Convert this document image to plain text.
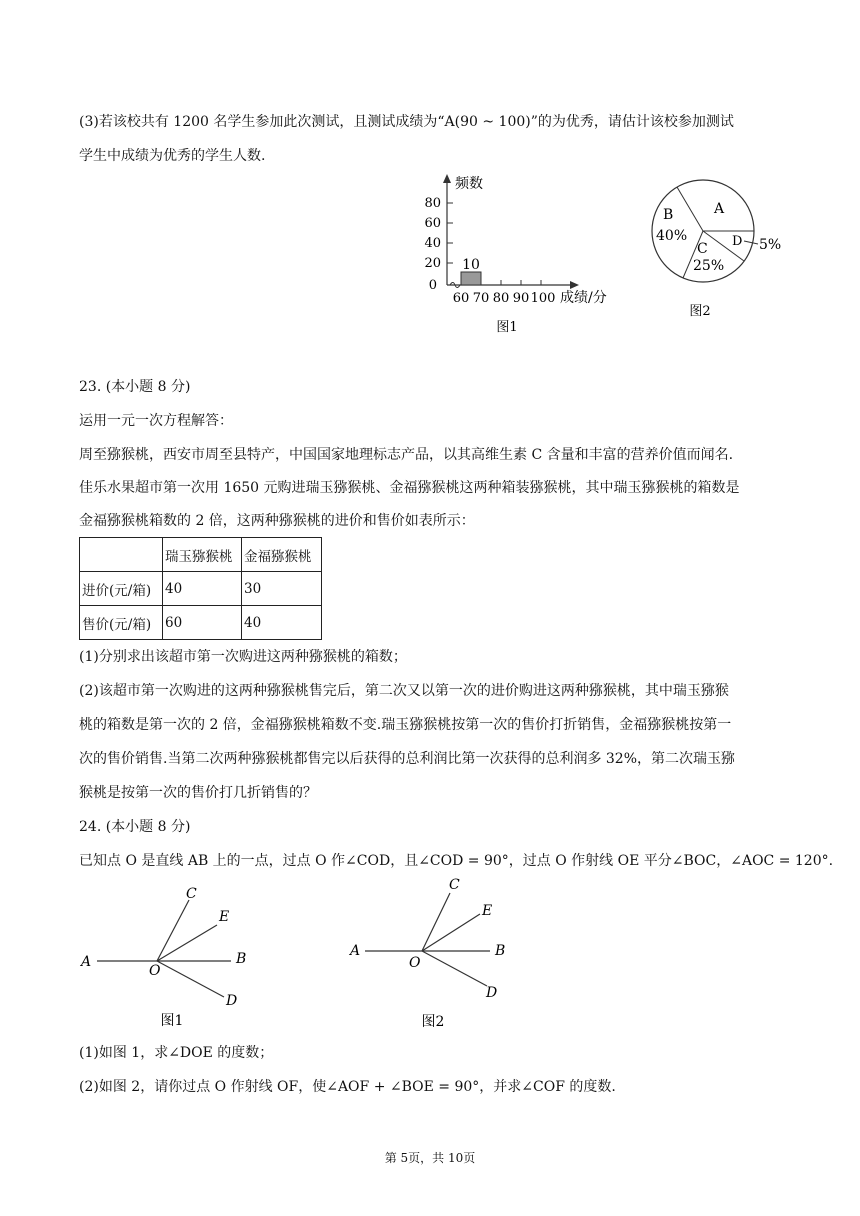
(3)若该校共有 1200 名学生参加此次测试，且测试成绩为“A(90 ~ 100)”的为优秀，请估计该校参加测试
学生中成绩为优秀的学生人数.
10
80
60
40
20
0
60 70 80 90 100
频数
成绩/分
图1
A
B
40%
C
25%
D 5%
图2
23. (本小题 8 分)
运用一元一次方程解答：
周至猕猴桃，西安市周至县特产，中国国家地理标志产品，以其高维生素 C 含量和丰富的营养价值而闻名.
佳乐水果超市第一次用 1650 元购进瑞玉猕猴桃、金福猕猴桃这两种箱装猕猴桃，其中瑞玉猕猴桃的箱数是
金福猕猴桃箱数的 2 倍，这两种猕猴桃的进价和售价如表所示：
	瑞玉猕猴桃	金福猕猴桃
进价(元/箱)	40	30
售价(元/箱)	60	40
(1)分别求出该超市第一次购进这两种猕猴桃的箱数；
(2)该超市第一次购进的这两种猕猴桃售完后，第二次又以第一次的进价购进这两种猕猴桃，其中瑞玉猕猴
桃的箱数是第一次的 2 倍，金福猕猴桃箱数不变.瑞玉猕猴桃按第一次的售价打折销售，金福猕猴桃按第一
次的售价销售.当第二次两种猕猴桃都售完以后获得的总利润比第一次获得的总利润多 32%，第二次瑞玉猕
猴桃是按第一次的售价打几折销售的？
24. (本小题 8 分)
已知点 O 是直线 AB 上的一点，过点 O 作∠COD，且∠COD = 90°，过点 O 作射线 OE 平分∠BOC，∠AOC = 120°.
A
O
B
C
E
D
图1
A
O
B
C
E
D
图2
(1)如图 1，求∠DOE 的度数；
(2)如图 2，请你过点 O 作射线 OF，使∠AOF + ∠BOE = 90°，并求∠COF 的度数.
第 5页，共 10页
